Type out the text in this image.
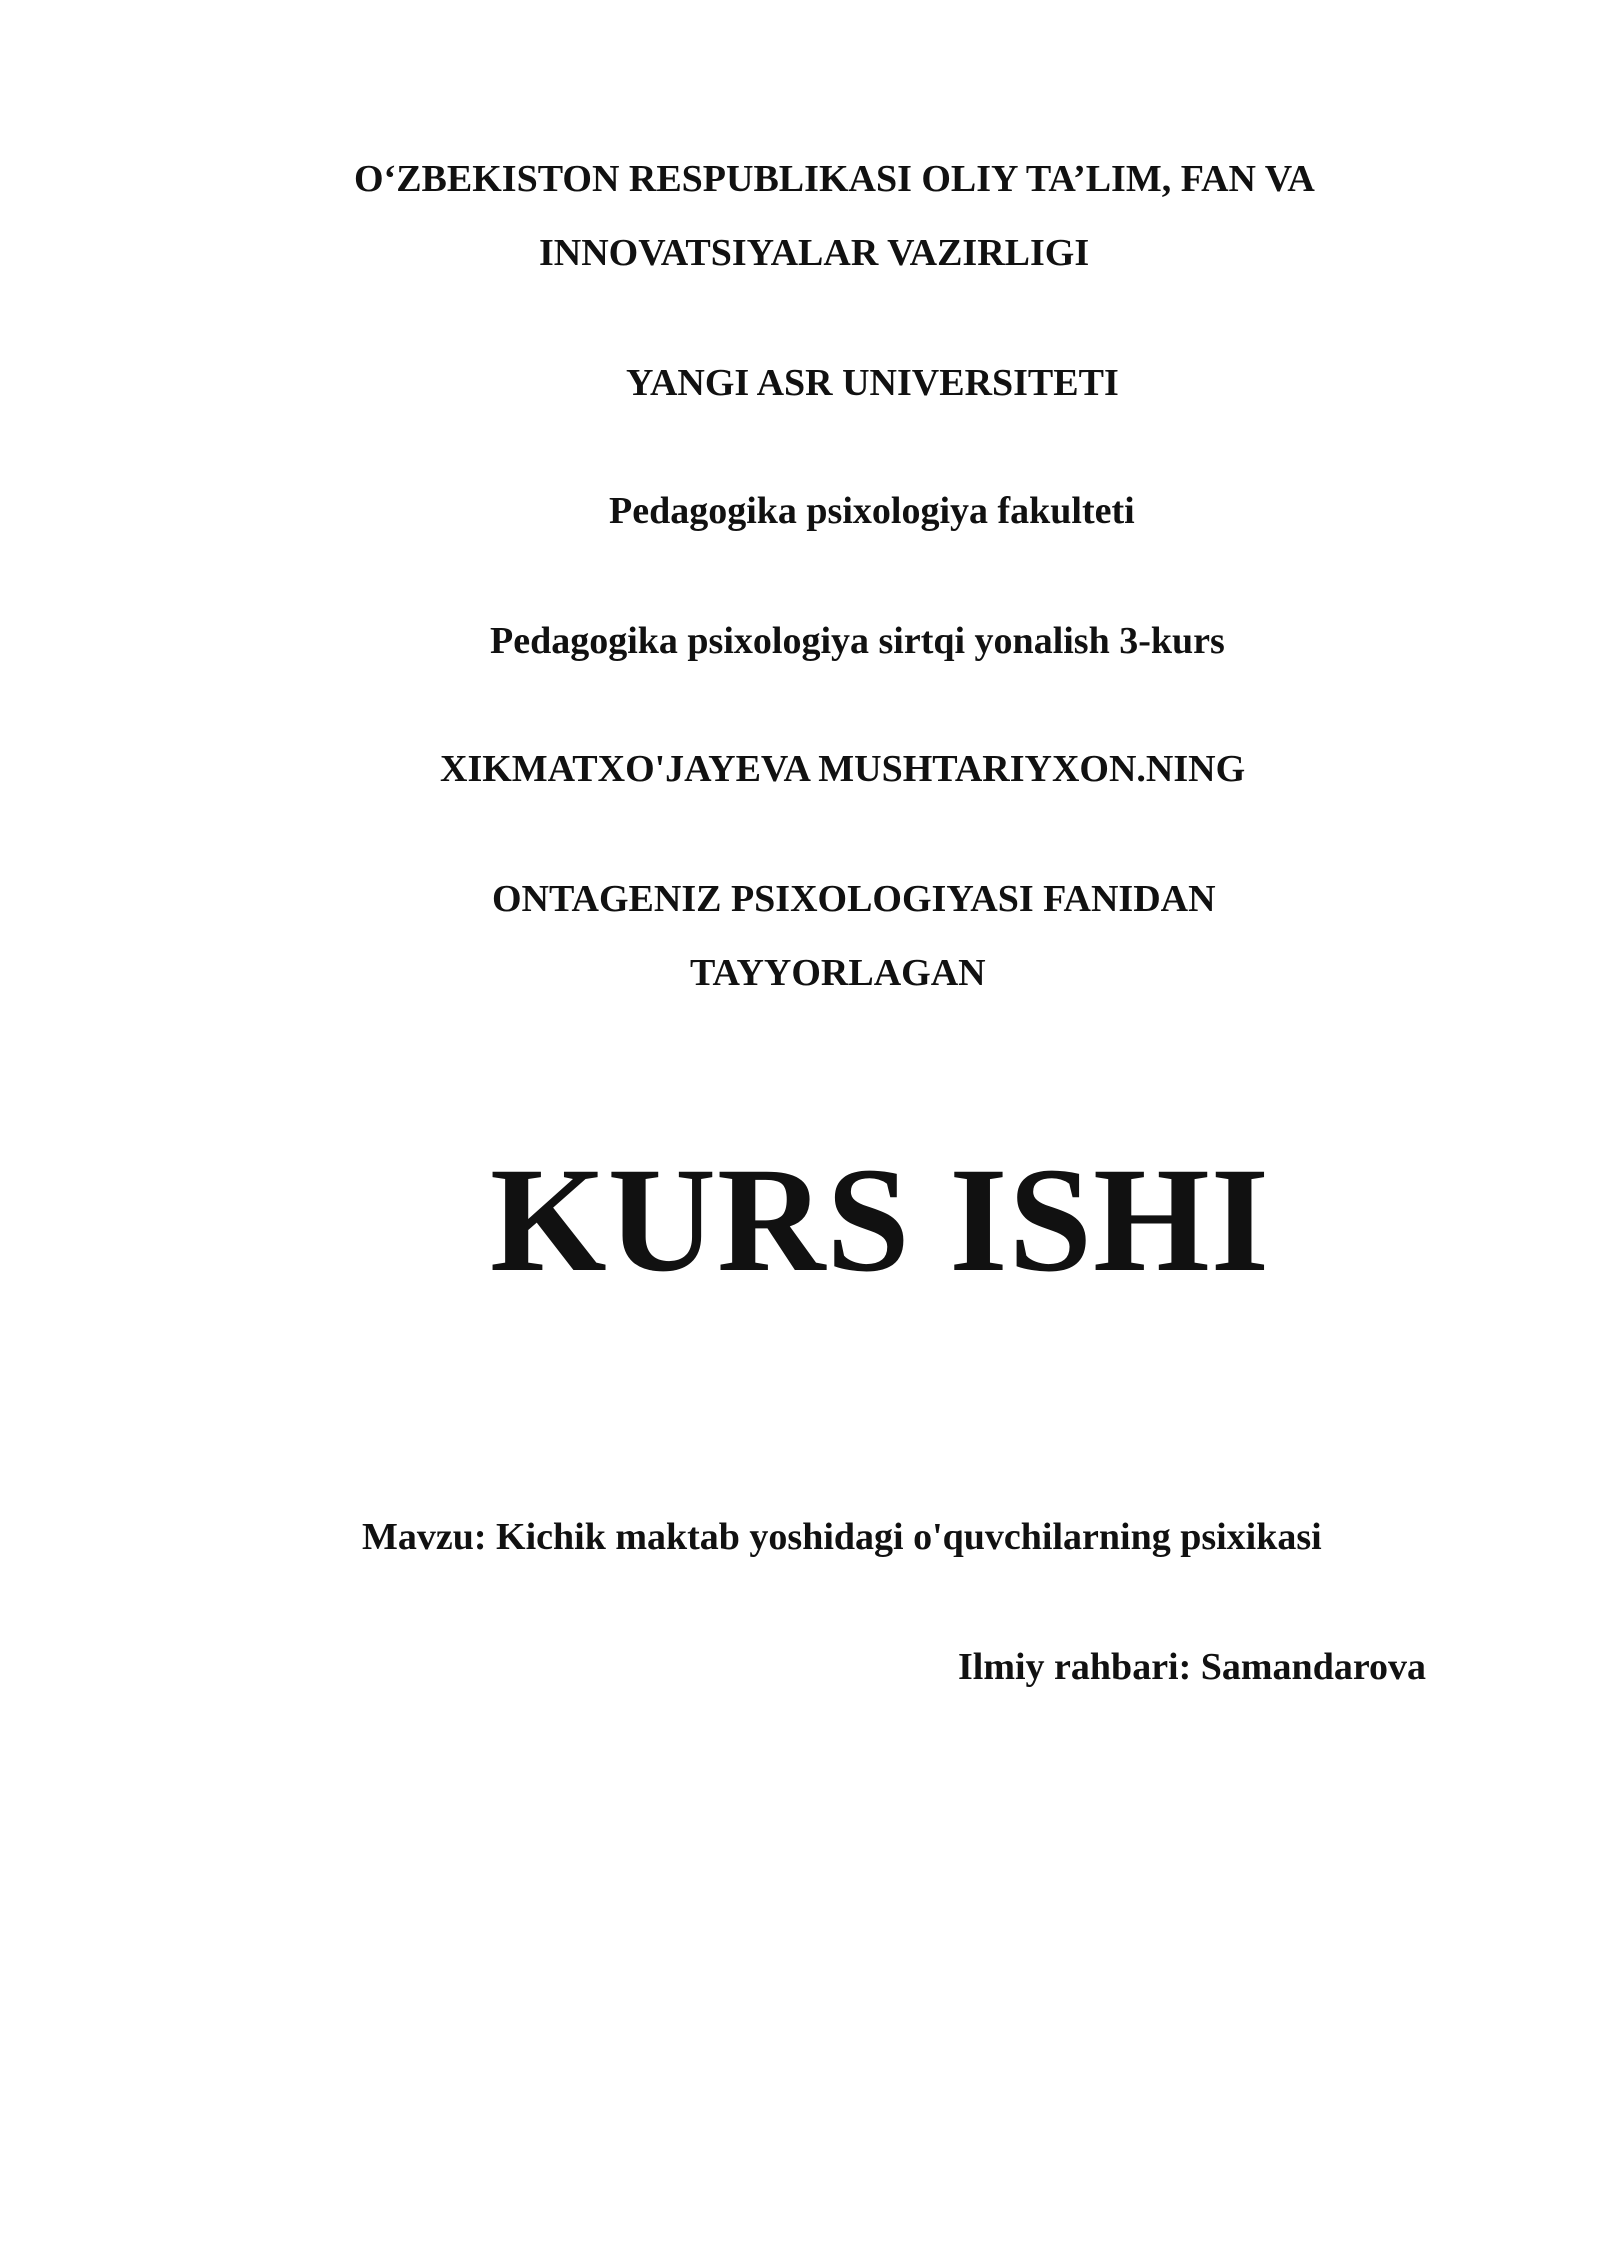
O‘ZBEKISTON RESPUBLIKASI OLIY TA’LIM, FAN VA

INNOVATSIYALAR VAZIRLIGI

YANGI ASR UNIVERSITETI

Pedagogika psixologiya fakulteti

Pedagogika psixologiya sirtqi yonalish 3-kurs

XIKMATXO'JAYEVA MUSHTARIYXON.NING

ONTAGENIZ PSIXOLOGIYASI FANIDAN

TAYYORLAGAN

KURS ISHI

Mavzu: Kichik maktab yoshidagi o'quvchilarning psixikasi

Ilmiy rahbari: Samandarova
